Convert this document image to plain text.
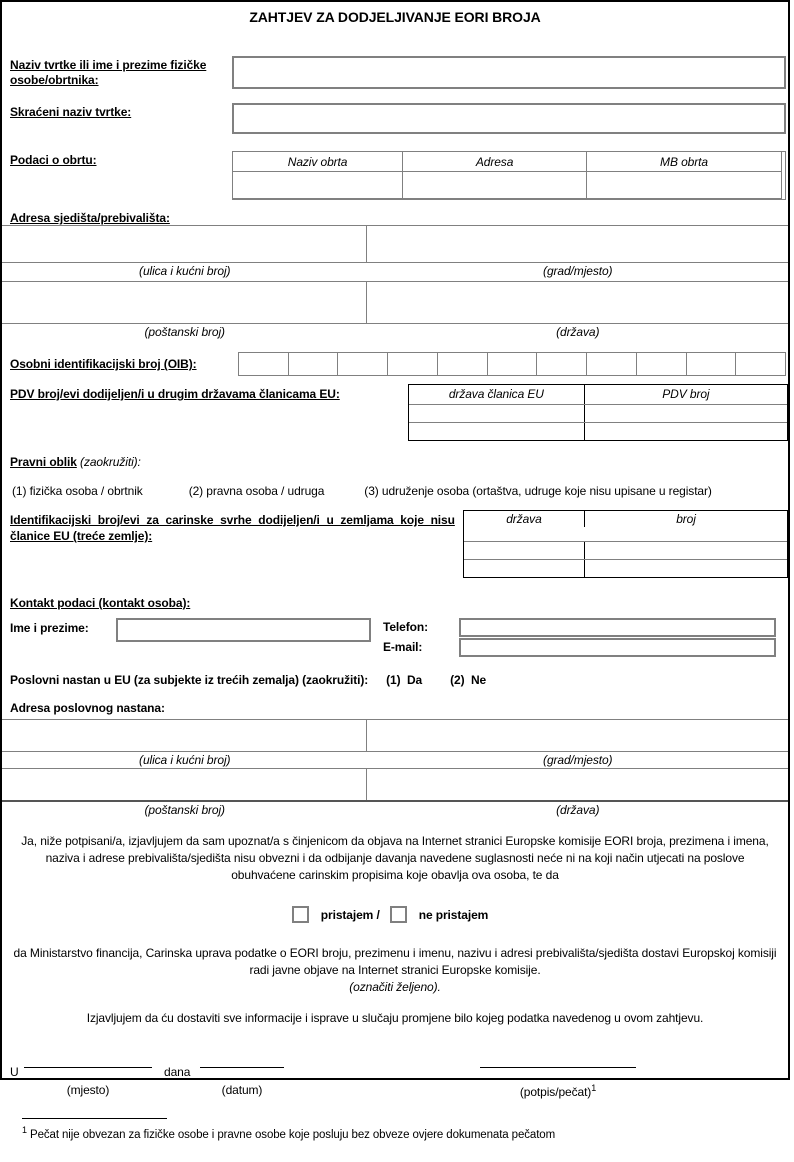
ZAHTJEV ZA DODJELJIVANJE EORI BROJA
Naziv tvrtke ili ime i prezime fizičke osobe/obrtnika:
Skraćeni naziv tvrtke:
Podaci o obrtu:	Naziv obrta	Adresa	MB obrta
Adresa sjedišta/prebivališta:
(ulica i kućni broj)	(grad/mjesto)
(poštanski broj)	(država)
Osobni identifikacijski broj (OIB):
PDV broj/evi dodijeljen/i u drugim državama članicama EU:	država članica EU	PDV broj
Pravni oblik (zaokružiti):
(1) fizička osoba / obrtnik	(2) pravna osoba / udruga	(3) udruženje osoba (ortaštva, udruge koje nisu upisane u registar)
Identifikacijski broj/evi za carinske svrhe dodijeljen/i u zemljama koje nisu članice EU (treće zemlje):
država	broj
Kontakt podaci (kontakt osoba):
Ime i prezime:	Telefon:
E-mail:
Poslovni nastan u EU (za subjekte iz trećih zemalja) (zaokružiti): (1)  Da (2)  Ne
Adresa poslovnog nastana:
(ulica i kućni broj)	(grad/mjesto)
(poštanski broj)	(država)
Ja, niže potpisani/a, izjavljujem da sam upoznat/a s činjenicom da objava na Internet stranici Europske komisije EORI broja, prezimena i imena, naziva i adrese prebivališta/sjedišta nisu obvezni i da odbijanje davanja navedene suglasnosti neće ni na koji način utjecati na poslove obuhvaćene carinskim propisima koje obavlja ova osoba, te da
pristajem /	ne pristajem
da Ministarstvo financija, Carinska uprava podatke o EORI broju, prezimenu i imenu, nazivu i adresi prebivališta/sjedišta dostavi Europskoj komisiji radi javne objave na Internet stranici Europske komisije.
(označiti željeno).
Izjavljujem da ću dostaviti sve informacije i isprave u slučaju promjene bilo kojeg podatka navedenog u ovom zahtjevu.
U	dana
(mjesto)	(datum)	(potpis/pečat)$^1$
$^1$ Pečat nije obvezan za fizičke osobe i pravne osobe koje posluju bez obveze ovjere dokumenata pečatom
